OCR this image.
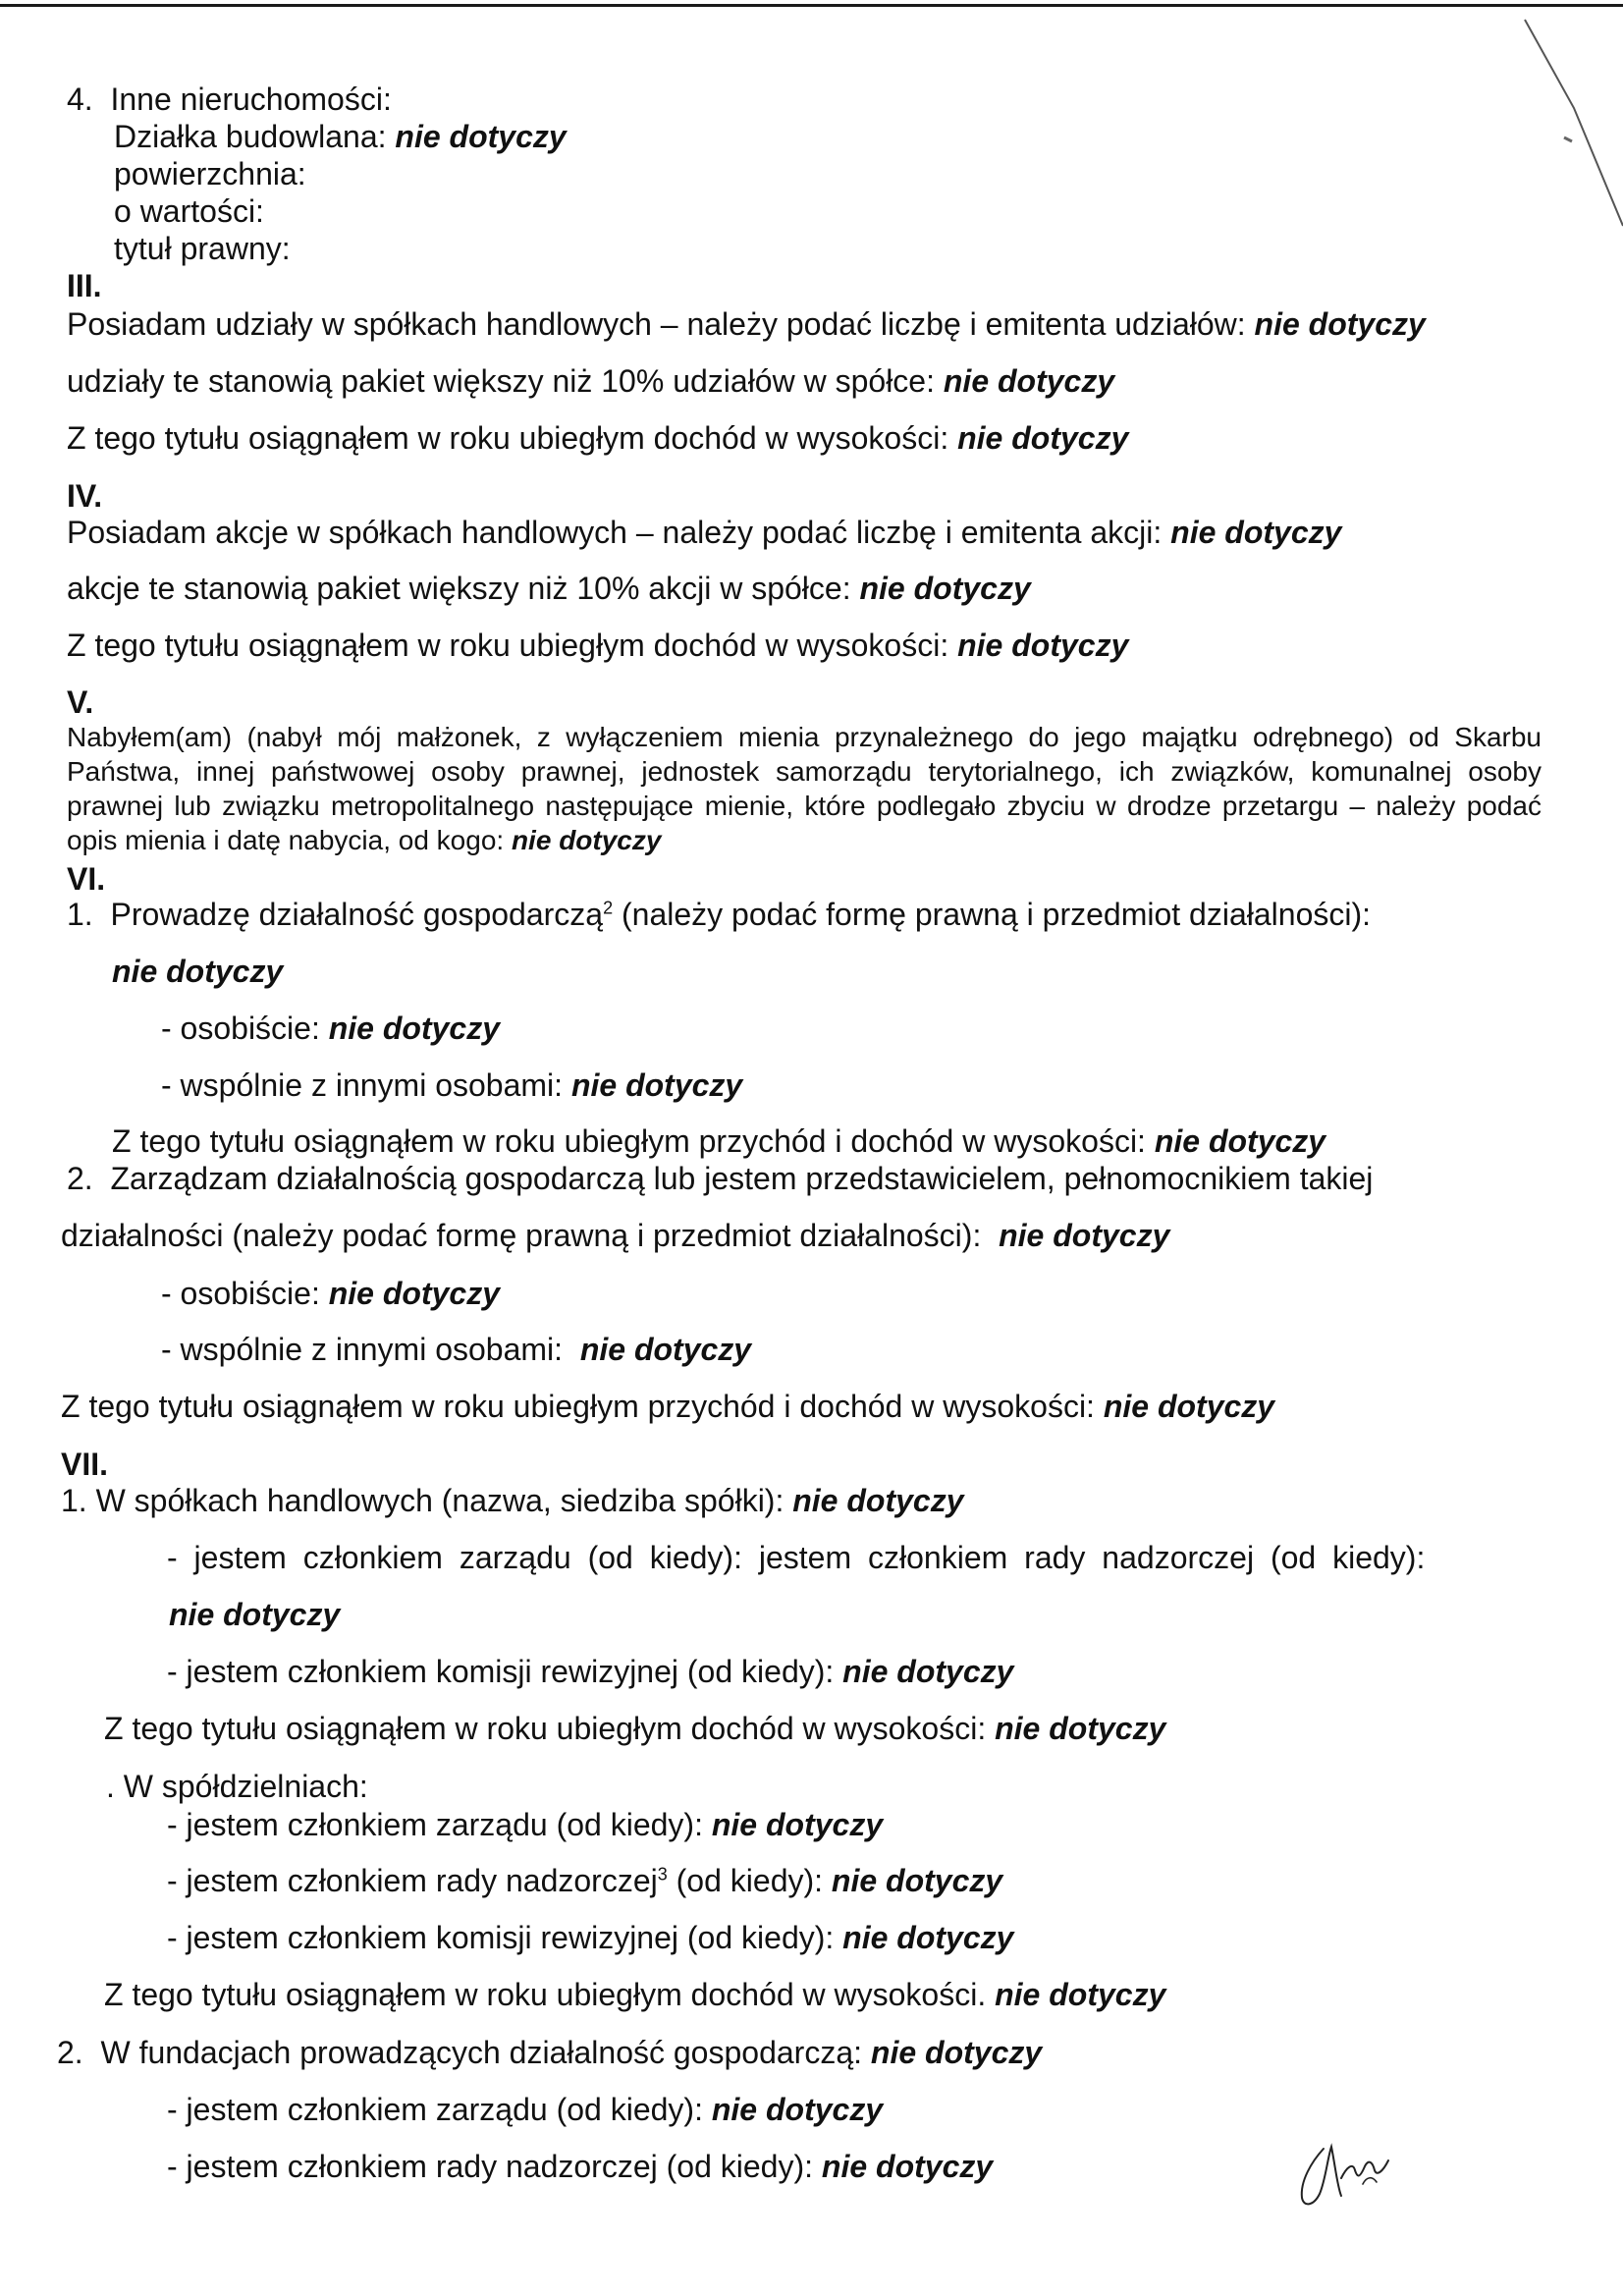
4. Inne nieruchomości:
Działka budowlana: nie dotyczy
powierzchnia:
o wartości:
tytuł prawny:
III.
Posiadam udziały w spółkach handlowych – należy podać liczbę i emitenta udziałów: nie dotyczy
udziały te stanowią pakiet większy niż 10% udziałów w spółce: nie dotyczy
Z tego tytułu osiągnąłem w roku ubiegłym dochód w wysokości: nie dotyczy
IV.
Posiadam akcje w spółkach handlowych – należy podać liczbę i emitenta akcji: nie dotyczy
akcje te stanowią pakiet większy niż 10% akcji w spółce: nie dotyczy
Z tego tytułu osiągnąłem w roku ubiegłym dochód w wysokości: nie dotyczy
V.
Nabyłem(am) (nabył mój małżonek, z wyłączeniem mienia przynależnego do jego majątku odrębnego) od Skarbu Państwa, innej państwowej osoby prawnej, jednostek samorządu terytorialnego, ich związków, komunalnej osoby prawnej lub związku metropolitalnego następujące mienie, które podlegało zbyciu w drodze przetargu – należy podać opis mienia i datę nabycia, od kogo: nie dotyczy
VI.
1. Prowadzę działalność gospodarczą$^2$ (należy podać formę prawną i przedmiot działalności):
nie dotyczy
- osobiście: nie dotyczy
- wspólnie z innymi osobami: nie dotyczy
Z tego tytułu osiągnąłem w roku ubiegłym przychód i dochód w wysokości: nie dotyczy
2. Zarządzam działalnością gospodarczą lub jestem przedstawicielem, pełnomocnikiem takiej
działalności (należy podać formę prawną i przedmiot działalności): nie dotyczy
- osobiście: nie dotyczy
- wspólnie z innymi osobami: nie dotyczy
Z tego tytułu osiągnąłem w roku ubiegłym przychód i dochód w wysokości: nie dotyczy
VII.
1. W spółkach handlowych (nazwa, siedziba spółki): nie dotyczy
- jestem członkiem zarządu (od kiedy): jestem członkiem rady nadzorczej (od kiedy):
nie dotyczy
- jestem członkiem komisji rewizyjnej (od kiedy): nie dotyczy
Z tego tytułu osiągnąłem w roku ubiegłym dochód w wysokości: nie dotyczy
. W spółdzielniach:
- jestem członkiem zarządu (od kiedy): nie dotyczy
- jestem członkiem rady nadzorczej$^3$ (od kiedy): nie dotyczy
- jestem członkiem komisji rewizyjnej (od kiedy): nie dotyczy
Z tego tytułu osiągnąłem w roku ubiegłym dochód w wysokości. nie dotyczy
2. W fundacjach prowadzących działalność gospodarczą: nie dotyczy
- jestem członkiem zarządu (od kiedy): nie dotyczy
- jestem członkiem rady nadzorczej (od kiedy): nie dotyczy
